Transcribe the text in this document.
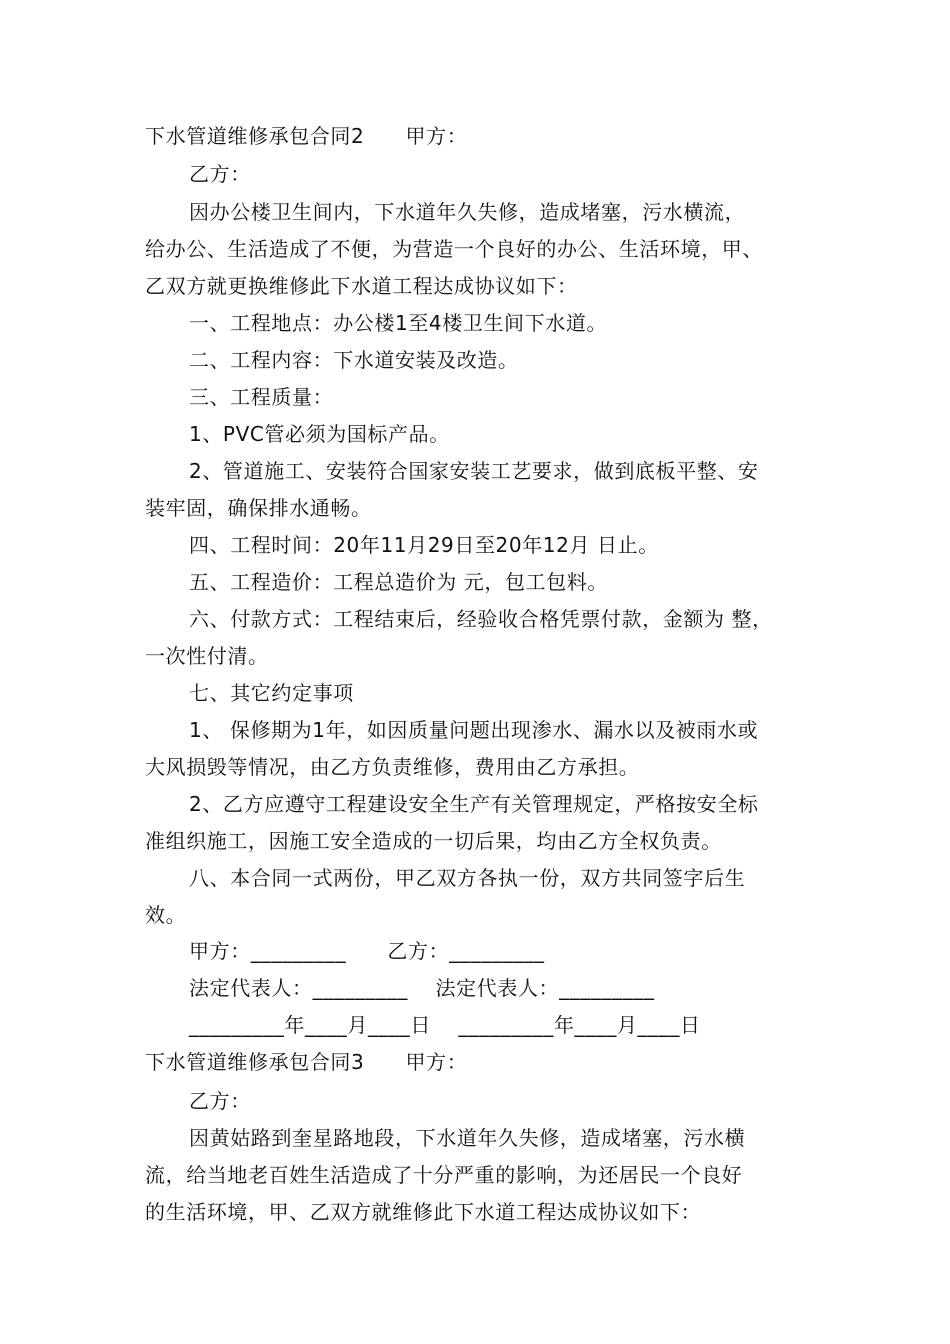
下水管道维修承包合同2　　甲方：
乙方：
因办公楼卫生间内，下水道年久失修，造成堵塞，污水横流，
给办公、生活造成了不便，为营造一个良好的办公、生活环境，甲、
乙双方就更换维修此下水道工程达成协议如下：
一、工程地点：办公楼1至4楼卫生间下水道。
二、工程内容：下水道安装及改造。
三、工程质量：
1、PVC管必须为国标产品。
2、管道施工、安装符合国家安装工艺要求，做到底板平整、安
装牢固，确保排水通畅。
四、工程时间：20年11月29日至20年12月 日止。
五、工程造价：工程总造价为 元，包工包料。
六、付款方式：工程结束后，经验收合格凭票付款，金额为 整，
一次性付清。
七、其它约定事项
1、 保修期为1年，如因质量问题出现渗水、漏水以及被雨水或
大风损毁等情况，由乙方负责维修，费用由乙方承担。
2、乙方应遵守工程建设安全生产有关管理规定，严格按安全标
准组织施工，因施工安全造成的一切后果，均由乙方全权负责。
八、本合同一式两份，甲乙双方各执一份，双方共同签字后生
效。
甲方：_________　　乙方：_________
法定代表人：_________　 法定代表人：_________
_________年____月____日　 _________年____月____日
下水管道维修承包合同3　　甲方：
乙方：
因黄姑路到奎星路地段，下水道年久失修，造成堵塞，污水横
流，给当地老百姓生活造成了十分严重的影响，为还居民一个良好
的生活环境，甲、乙双方就维修此下水道工程达成协议如下：
